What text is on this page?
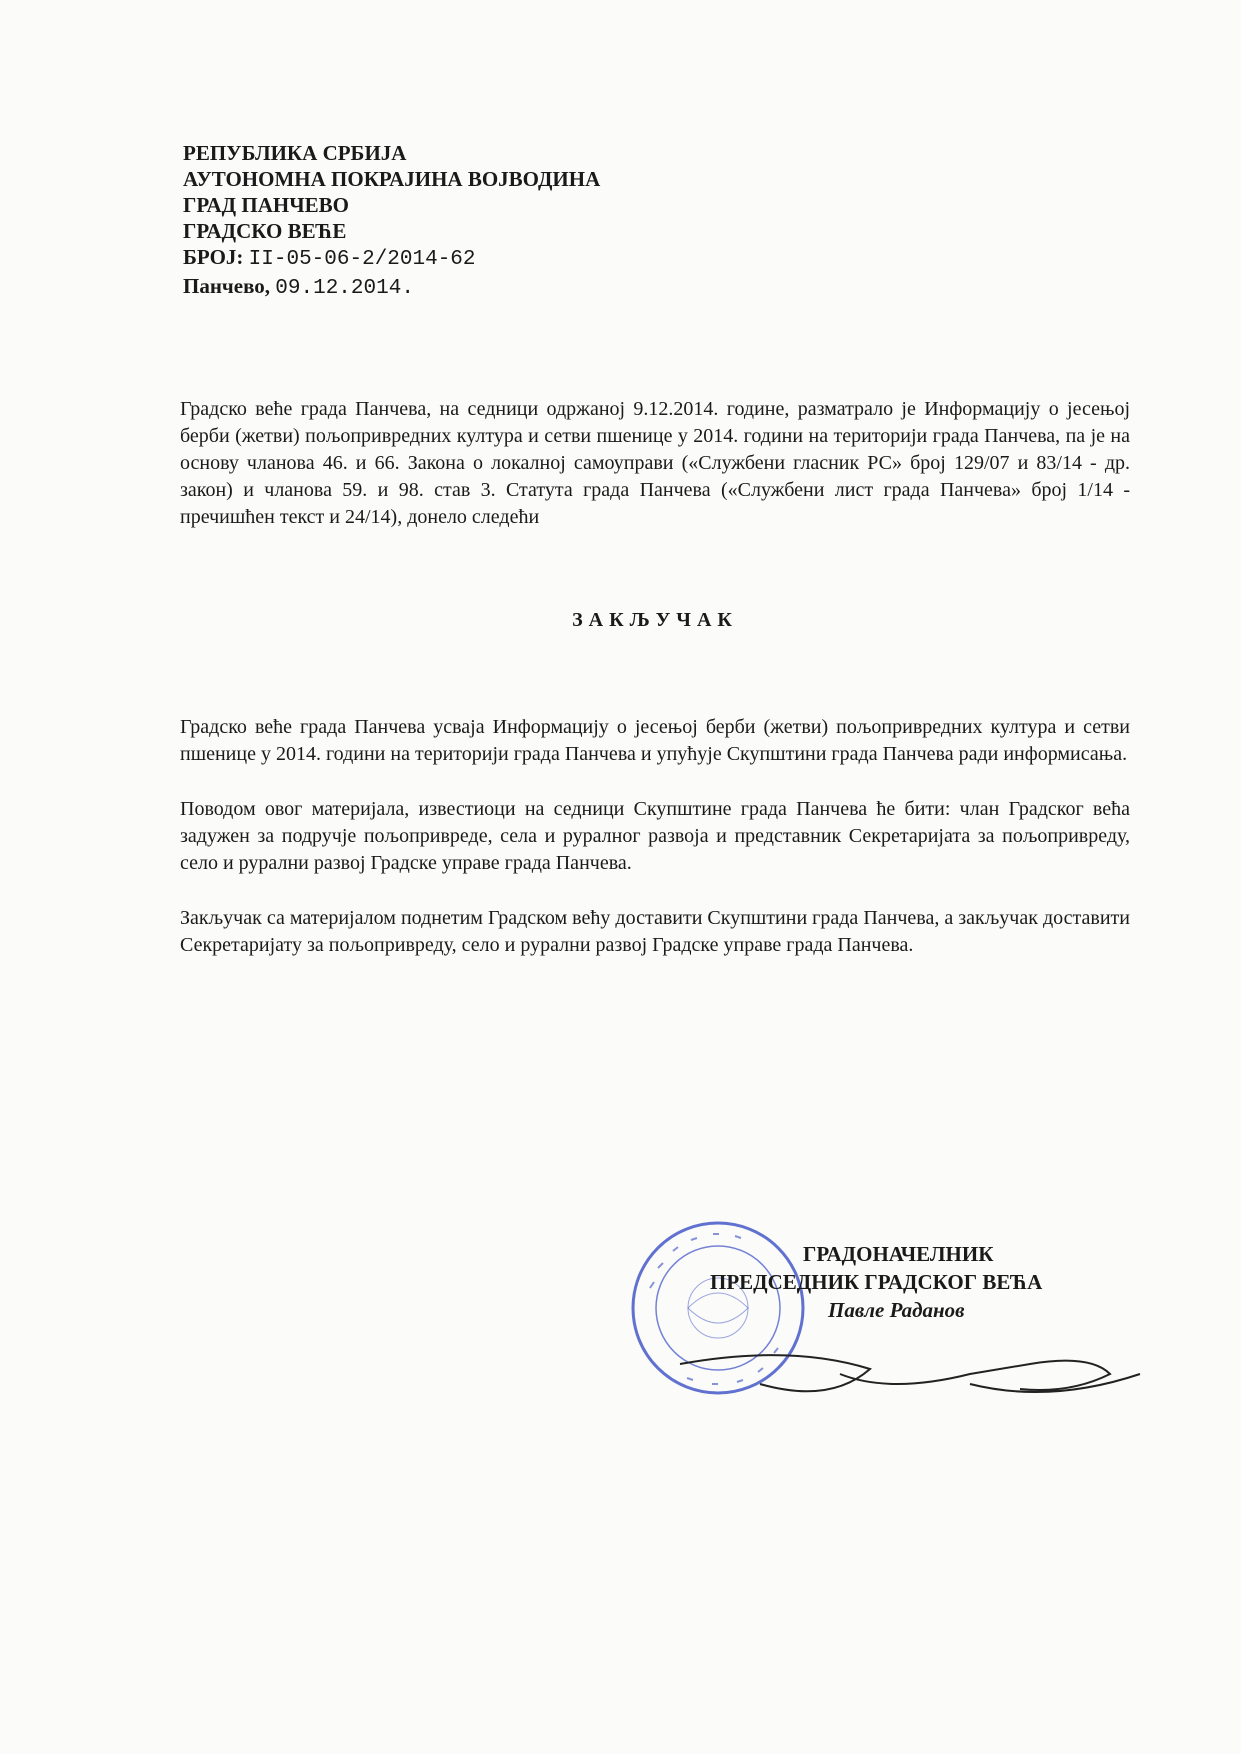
РЕПУБЛИКА СРБИЈА
АУТОНОМНА ПОКРАЈИНА ВОЈВОДИНА
ГРАД ПАНЧЕВО
ГРАДСКО ВЕЋЕ
БРОЈ: II-05-06-2/2014-62
Панчево, 09.12.2014.

Градско веће града Панчева, на седници одржаној 9.12.2014. године, разматрало је Информацију о јесењој берби (жетви) пољопривредних култура и сетви пшенице у 2014. години на територији града Панчева, па је на основу чланова 46. и 66. Закона о локалној самоуправи («Службени гласник РС» број 129/07 и 83/14 - др. закон) и чланова 59. и 98. став 3. Статута града Панчева («Службени лист града Панчева» број 1/14 - пречишћен текст и 24/14), донело следећи

ЗАКЉУЧАК

Градско веће града Панчева усваја Информацију о јесењој берби (жетви) пољопривредних култура и сетви пшенице у 2014. години на територији града Панчева и упућује Скупштини града Панчева ради информисања.

Поводом овог материјала, известиоци на седници Скупштине града Панчева ће бити: члан Градског већа задужен за подручје пољопривреде, села и руралног развоја и представник Секретаријата за пољопривреду, село и рурални развој Градске управе града Панчева.

Закључак са материјалом поднетим Градском већу доставити Скупштини града Панчева, а закључак доставити Секретаријату за пољопривреду, село и рурални развој Градске управе града Панчева.

ГРАДОНАЧЕЛНИК
ПРЕДСЕДНИК ГРАДСКОГ ВЕЋА
Павле Раданов
